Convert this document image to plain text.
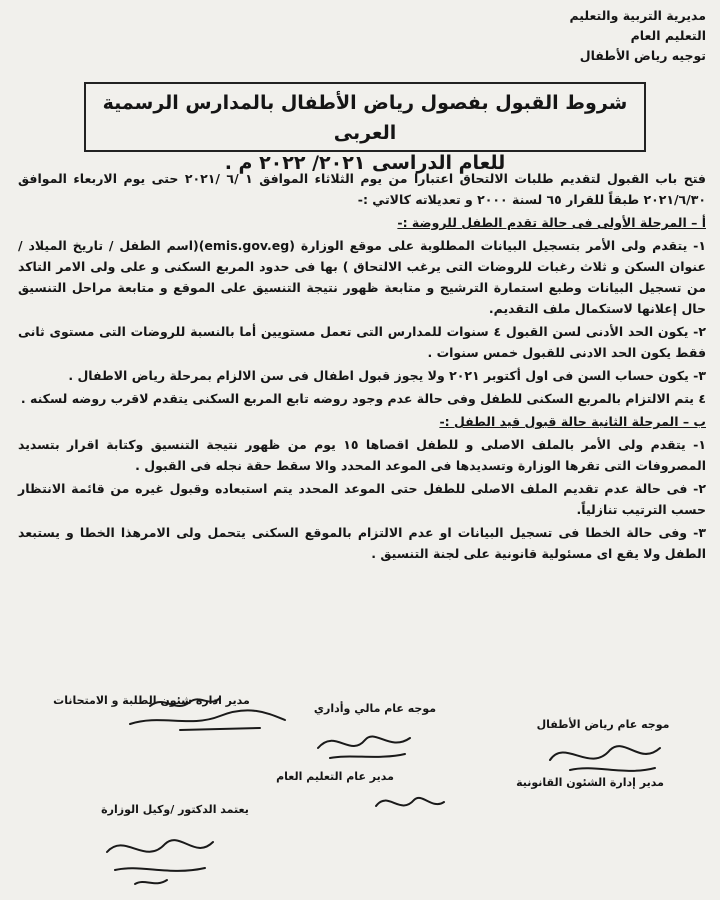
مديرية التربية والتعليم
التعليم العام
توجيه رياض الأطفال
شروط القبول بفصول رياض الأطفال بالمدارس الرسمية العربى
للعام الدراسى ٢٠٢١/ ٢٠٢٢ م .
فتح باب القبول لتقديم طلبات الالتحاق اعتبارا من يوم الثلاثاء الموافق ١ /٦ /٢٠٢١ حتى يوم الاربعاء الموافق ٢٠٢١/٦/٣٠ طبقاً للقرار ٦٥ لسنة ٢٠٠٠ و تعديلاته كالاتي :-
أ – المرحلة الأولى فى حالة تقدم الطفل للروضة :-
١- يتقدم ولى الأمر بتسجيل البيانات المطلوبة على موقع الوزارة (emis.gov.eg)(اسم الطفل / تاريخ الميلاد / عنوان السكن و ثلاث رغبات للروضات التى يرغب الالتحاق ) بها فى حدود المربع السكنى و على ولى الامر التاكد من تسجيل البيانات وطبع استمارة الترشيح و متابعة ظهور نتيجة التنسيق على الموقع و متابعة مراحل التنسيق حال إعلانها لاستكمال ملف التقديم.
٢- يكون الحد الأدنى لسن القبول ٤ سنوات للمدارس التى تعمل مستويين أما بالنسبة للروضات التى مستوى ثانى فقط يكون الحد الادنى للقبول خمس سنوات .
٣- يكون حساب السن فى اول أكتوبر ٢٠٢١ ولا يجوز قبول اطفال فى سن الالزام بمرحلة رياض الاطفال .
٤ يتم الالتزام بالمربع السكنى للطفل وفى حالة عدم وجود روضه تابع المربع السكنى يتقدم لاقرب روضه لسكنه .
ب – المرحلة الثانية حالة قبول قيد الطفل :-
١- يتقدم ولى الأمر بالملف الاصلى و للطفل اقصاها ١٥ يوم من ظهور نتيجة التنسيق وكتابة اقرار بتسديد المصروفات التى تقرها الوزارة وتسديدها فى الموعد المحدد والا سقط حقة نجله فى القبول .
٢- فى حالة عدم تقديم الملف الاصلى للطفل حتى الموعد المحدد يتم استبعاده وقبول غيره من قائمة الانتظار حسب الترتيب تنازلياً.
٣- وفى حالة الخطا فى تسجيل البيانات او عدم الالتزام بالموقع السكنى يتحمل ولى الامرهذا الخطا و يستبعد الطفل ولا يقع اى مسئولية قانونية على لجنة التنسيق .
موجه عام رياض الأطفال
موجه عام مالي وأداري
مدير ادارة شئون الطلبة و الامتحانات
مدير إدارة الشئون القانونية
مدير عام التعليم العام
يعتمد الدكتور /وكيل الوزارة
